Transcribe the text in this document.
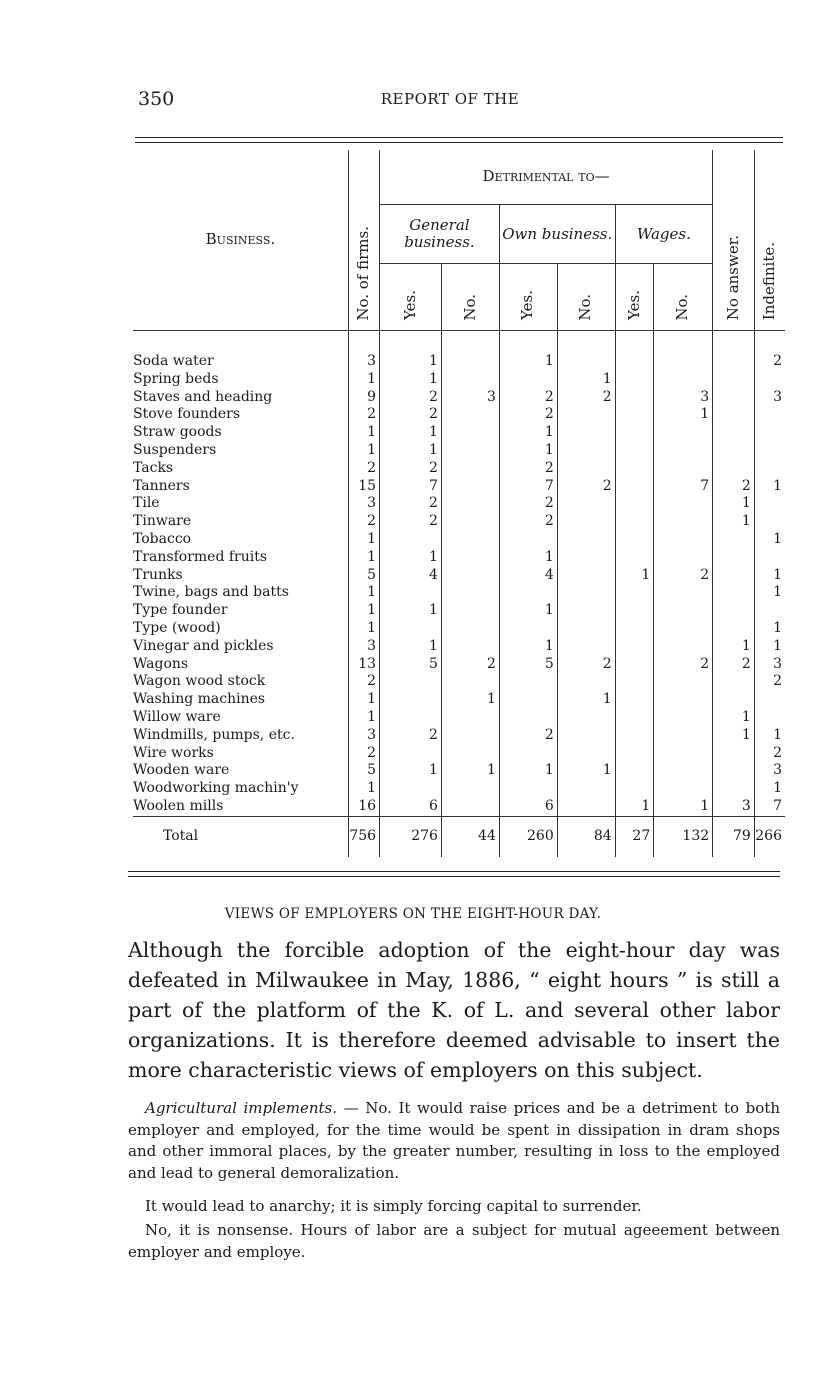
350	REPORT OF THE
Business.	No. of firms.	Detrimental to—						No answer.	Indefinite.
		General business.		Own business.		Wages.			
		Yes.	No.	Yes.	No.	Yes.	No.		

Soda water	3	1		1					2
Spring beds	1	1			1				
Staves and heading	9	2	3	2	2		3		3
Stove founders	2	2		2			1		
Straw goods	1	1		1					
Suspenders	1	1		1					
Tacks	2	2		2					
Tanners	15	7		7	2		7	2	1
Tile	3	2		2				1	
Tinware	2	2		2				1	
Tobacco	1								1
Transformed fruits	1	1		1					
Trunks	5	4		4		1	2		1
Twine, bags and batts	1								1
Type founder	1	1		1					
Type (wood)	1								1
Vinegar and pickles	3	1		1				1	1
Wagons	13	5	2	5	2		2	2	3
Wagon wood stock	2								2
Washing machines	1		1		1				
Willow ware	1							1	
Windmills, pumps, etc.	3	2		2				1	1
Wire works	2								2
Wooden ware	5	1	1	1	1				3
Woodworking machin'y	1								1
Woolen mills	16	6		6		1	1	3	7
Total	756	276	44	260	84	27	132	79	266
VIEWS OF EMPLOYERS ON THE EIGHT-HOUR DAY.

Although the forcible adoption of the eight-hour day was defeated in Milwaukee in May, 1886, “ eight hours ” is still a part of the platform of the K. of L. and several other labor organizations. It is therefore deemed advisable to insert the more characteristic views of employers on this subject.

Agricultural implements. — No. It would raise prices and be a detriment to both employer and employed, for the time would be spent in dissipation in dram shops and other immoral places, by the greater number, resulting in loss to the employed and lead to general demoralization.

It would lead to anarchy; it is simply forcing capital to surrender.

No, it is nonsense. Hours of labor are a subject for mutual ageeement between employer and employe.
